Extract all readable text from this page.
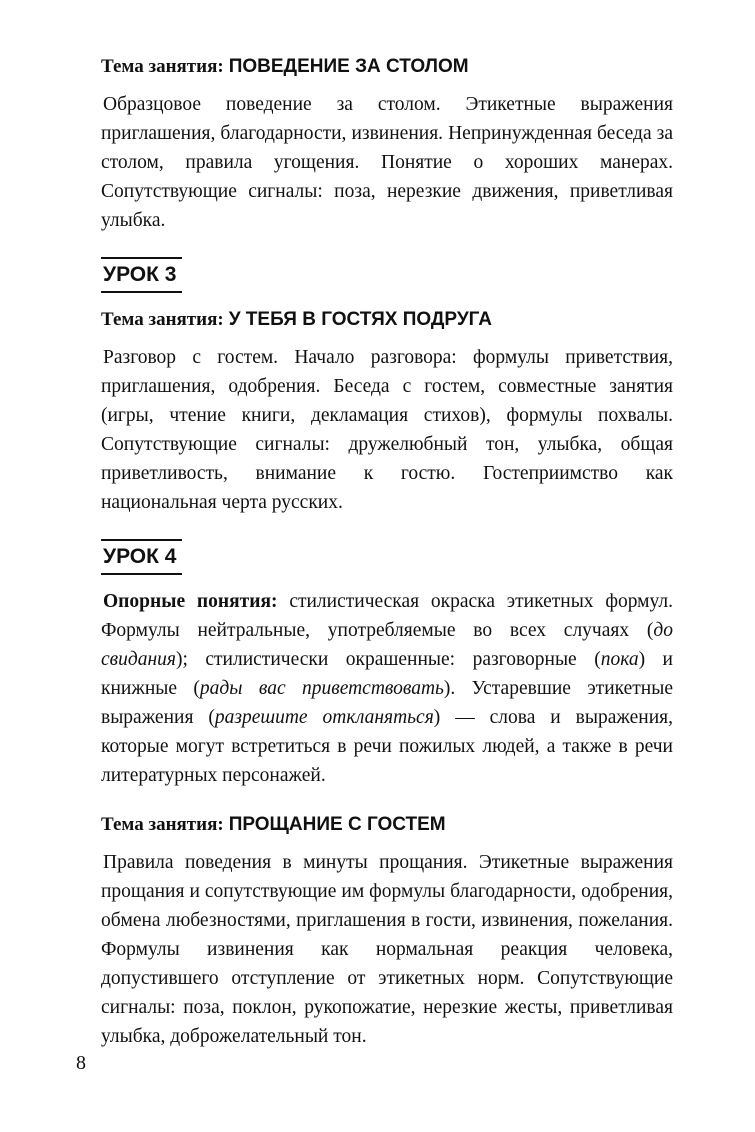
Тема занятия: ПОВЕДЕНИЕ ЗА СТОЛОМ

Образцовое поведение за столом. Этикетные выражения приглашения, благодарности, извинения. Непринужденная беседа за столом, правила угощения. Понятие о хороших манерах. Сопутствующие сигналы: поза, нерезкие движения, приветливая улыбка.

УРОК 3
Тема занятия: У ТЕБЯ В ГОСТЯХ ПОДРУГА

Разговор с гостем. Начало разговора: формулы приветствия, приглашения, одобрения. Беседа с гостем, совместные занятия (игры, чтение книги, декламация стихов), формулы похвалы. Сопутствующие сигналы: дружелюбный тон, улыбка, общая приветливость, внимание к гостю. Гостеприимство как национальная черта русских.

УРОК 4

Опорные понятия: стилистическая окраска этикетных формул. Формулы нейтральные, употребляемые во всех случаях (до свидания); стилистически окрашенные: разговорные (пока) и книжные (рады вас приветствовать). Устаревшие этикетные выражения (разрешите откланяться) — слова и выражения, которые могут встретиться в речи пожилых людей, а также в речи литературных персонажей.

Тема занятия: ПРОЩАНИЕ С ГОСТЕМ

Правила поведения в минуты прощания. Этикетные выражения прощания и сопутствующие им формулы благодарности, одобрения, обмена любезностями, приглашения в гости, извинения, пожелания. Формулы извинения как нормальная реакция человека, допустившего отступление от этикетных норм. Сопутствующие сигналы: поза, поклон, рукопожатие, нерезкие жесты, приветливая улыбка, доброжелательный тон.

8
